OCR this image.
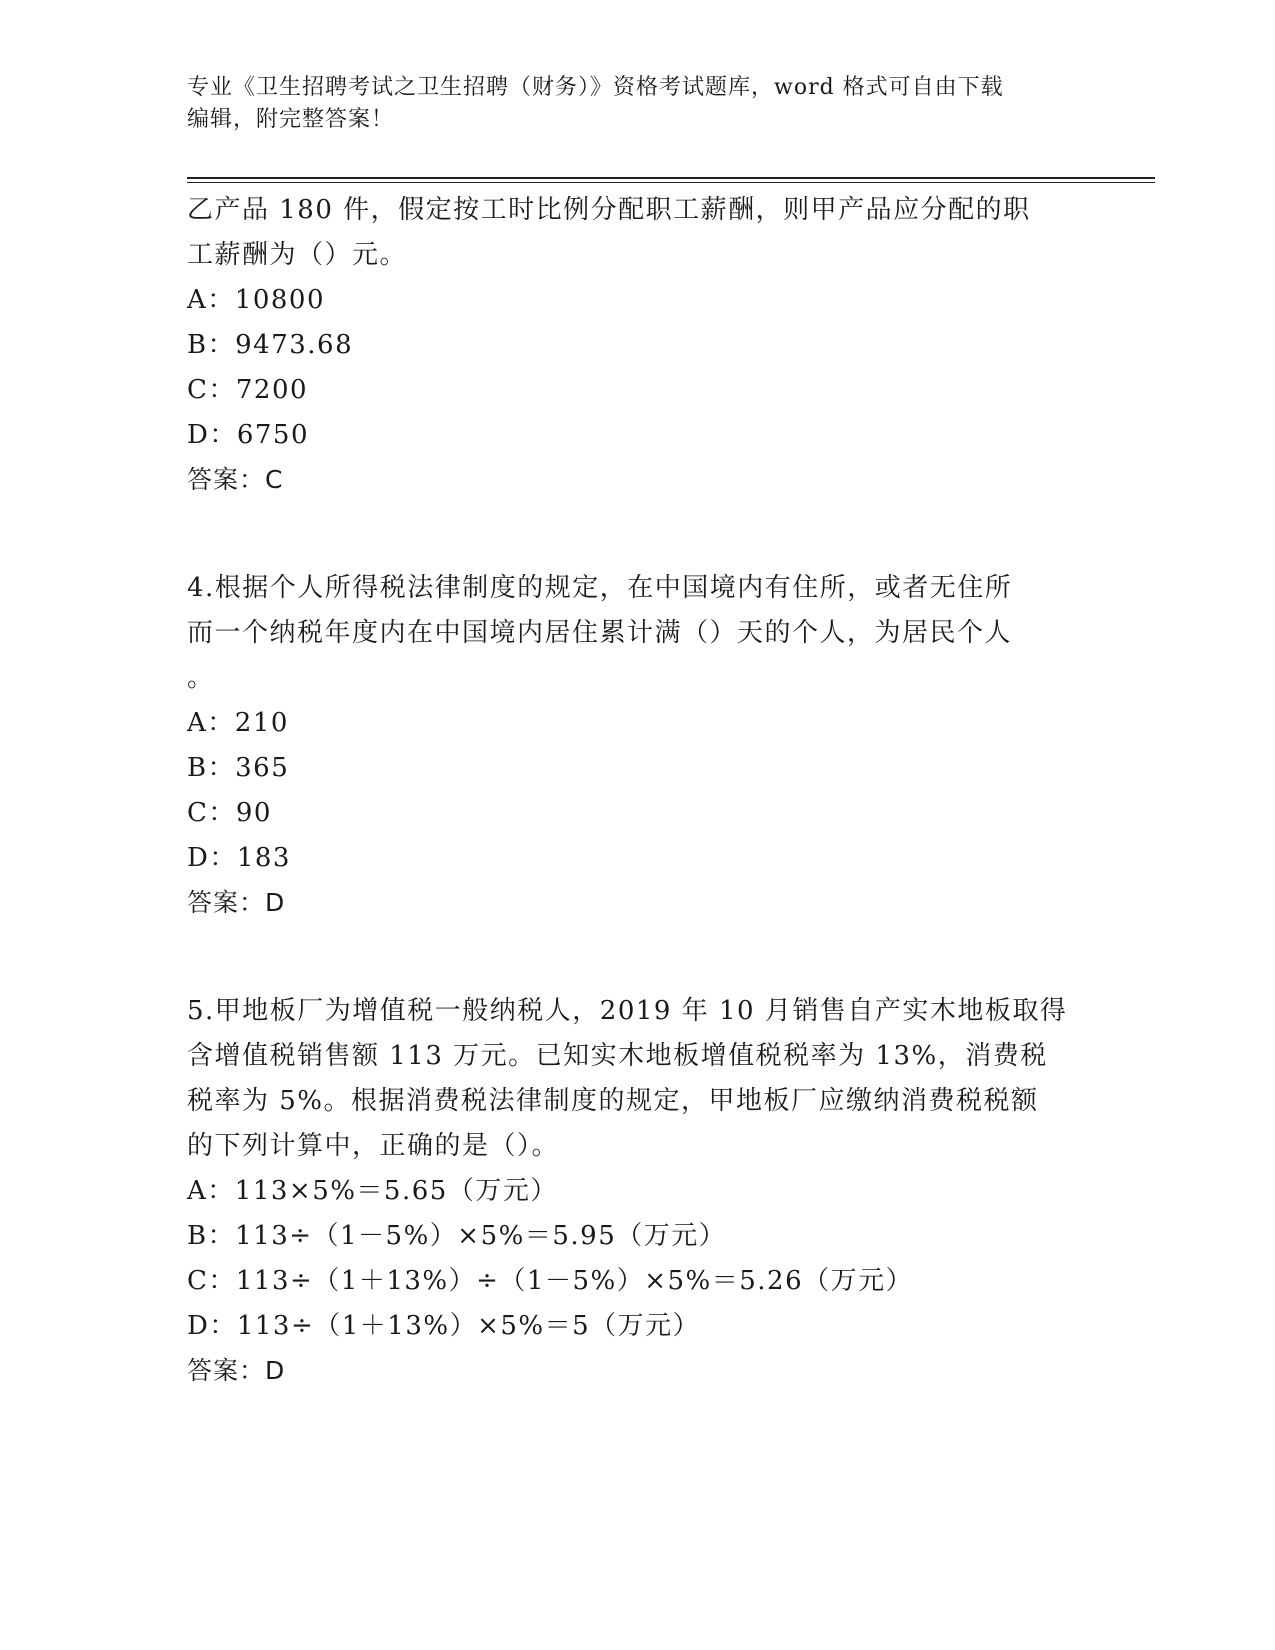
专业《卫生招聘考试之卫生招聘（财务）》资格考试题库，word 格式可自由下载
编辑，附完整答案！
乙产品 180 件，假定按工时比例分配职工薪酬，则甲产品应分配的职
工薪酬为（）元。
A：10800
B：9473.68
C：7200
D：6750
答案：C
4.根据个人所得税法律制度的规定，在中国境内有住所，或者无住所
而一个纳税年度内在中国境内居住累计满（）天的个人，为居民个人
。
A：210
B：365
C：90
D：183
答案：D
5.甲地板厂为增值税一般纳税人，2019 年 10 月销售自产实木地板取得
含增值税销售额 113 万元。已知实木地板增值税税率为 13%，消费税
税率为 5%。根据消费税法律制度的规定，甲地板厂应缴纳消费税税额
的下列计算中，正确的是（）。
A：113×5%＝5.65（万元）
B：113÷（1－5%）×5%＝5.95（万元）
C：113÷（1＋13%）÷（1－5%）×5%＝5.26（万元）
D：113÷（1＋13%）×5%＝5（万元）
答案：D
